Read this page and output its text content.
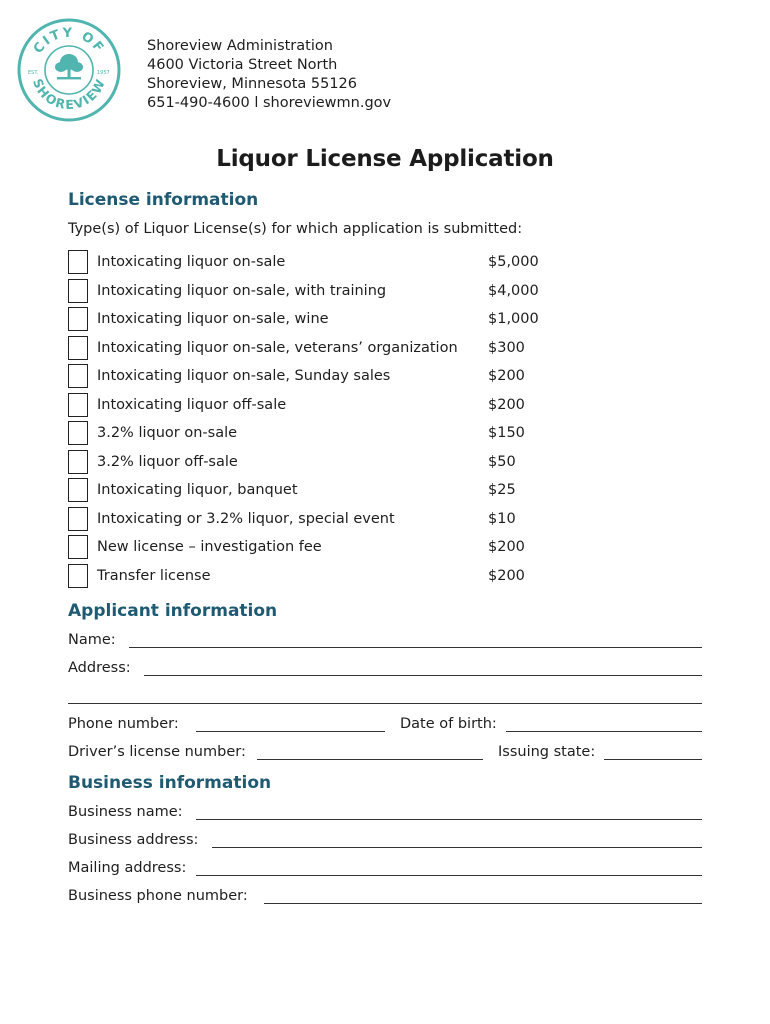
CITY OF
SHOREVIEW
EST.	1957
Shoreview Administration
4600 Victoria Street North
Shoreview, Minnesota 55126
651-490-4600 l shoreviewmn.gov
Liquor License Application
License information
Type(s) of Liquor License(s) for which application is submitted:
Intoxicating liquor on-sale	$5,000
Intoxicating liquor on-sale, with training	$4,000
Intoxicating liquor on-sale, wine	$1,000
Intoxicating liquor on-sale, veterans’ organization $300
Intoxicating liquor on-sale, Sunday sales	$200
Intoxicating liquor off-sale	$200
3.2% liquor on-sale	$150
3.2% liquor off-sale	$50
Intoxicating liquor, banquet	$25
Intoxicating or 3.2% liquor, special event	$10
New license – investigation fee	$200
Transfer license	$200
Applicant information
Name:
Address:
Phone number:	Date of birth:
Driver’s license number:	Issuing state:
Business information
Business name:
Business address:
Mailing address:
Business phone number:
